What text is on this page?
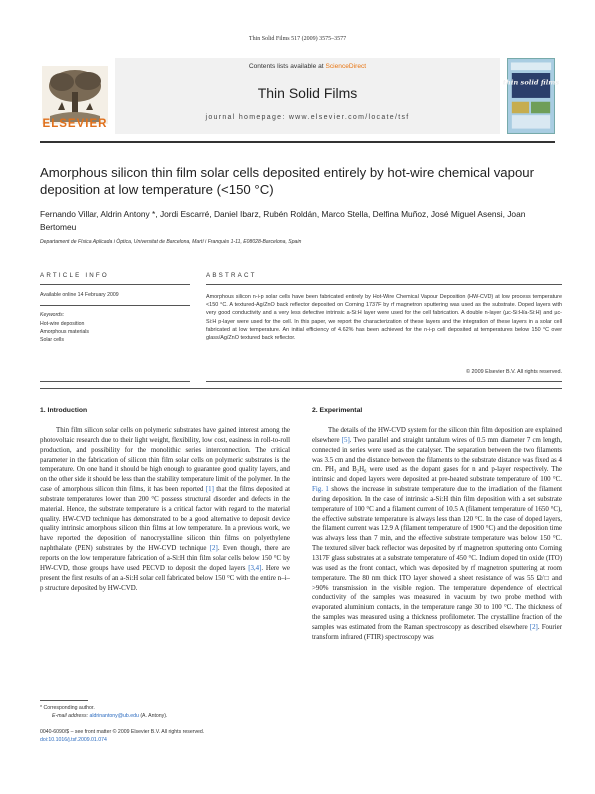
Thin Solid Films 517 (2009) 3575–3577
ELSEVIER
Contents lists available at ScienceDirect
Thin Solid Films
journal homepage: www.elsevier.com/locate/tsf
thin solid films
Amorphous silicon thin film solar cells deposited entirely by hot-wire chemical vapour deposition at low temperature (<150 °C)
Fernando Villar, Aldrin Antony *, Jordi Escarré, Daniel Ibarz, Rubén Roldán, Marco Stella, Delfina Muñoz, José Miguel Asensi, Joan Bertomeu
Departament de Física Aplicada i Òptica, Universitat de Barcelona, Martí i Franquès 1-11, E08028-Barcelona, Spain
ARTICLE INFO	ABSTRACT
Available online 14 February 2009
Keywords:
Hot-wire deposition
Amorphous materials
Solar cells
Amorphous silicon n-i-p solar cells have been fabricated entirely by Hot-Wire Chemical Vapour Deposition (HW-CVD) at low process temperature <150 °C. A textured-Ag/ZnO back reflector deposited on Corning 1737F by rf magnetron sputtering was used as the substrate. Doped layers with very good conductivity and a very less defective intrinsic a-Si:H layer were used for the cell fabrication. A double n-layer (µc-Si:H/a-Si:H) and µc-Si:H p-layer were used for the cell. In this paper, we report the characterization of these layers and the integration of these layers in a solar cell fabricated at low temperature. An initial efficiency of 4.62% has been achieved for the n-i-p cell deposited at temperatures below 150 °C over glass/Ag/ZnO textured back reflector.
© 2009 Elsevier B.V. All rights reserved.
1. Introduction
Thin film silicon solar cells on polymeric substrates have gained interest among the photovoltaic research due to their light weight, flexibility, low cost, easiness in roll-to-roll production, and possibility for the monolithic series interconnection. The critical parameter in the fabrication of silicon thin film solar cells on polymeric substrates is the temperature. On one hand it should be high enough to guarantee good quality layers, and on the other side it should be less than the stability temperature limit of the polymer. In the case of amorphous silicon thin films, it has been reported [1] that the films deposited at substrate temperatures lower than 200 °C possess structural disorder and defects in the material. Hence, the substrate temperature is a critical factor with regard to the material quality. HW-CVD technique has demonstrated to be a good alternative to deposit device quality intrinsic amorphous silicon thin films at low temperature. In a previous work, we have reported the deposition of nanocrystalline silicon thin films on polyethylene naphthalate (PEN) substrates by the HW-CVD technique [2]. Even though, there are reports on the low temperature fabrication of a-Si:H thin film solar cells below 150 °C by HW-CVD, those groups have used PECVD to deposit the doped layers [3,4]. Here we present the first results of an a-Si:H solar cell fabricated below 150 °C with the entire n–i–p structure deposited by HW-CVD.
2. Experimental
The details of the HW-CVD system for the silicon thin film deposition are explained elsewhere [5]. Two parallel and straight tantalum wires of 0.5 mm diameter 7 cm length, connected in series were used as the catalyser. The separation between the two filaments was 3.5 cm and the distance between the filaments to the substrate distance was fixed as 4 cm. PH₃ and B₂H₆ were used as the dopant gases for n and p-layer respectively. The intrinsic and doped layers were deposited at pre-heated substrate temperature of 100 °C. Fig. 1 shows the increase in substrate temperature due to the irradiation of the filament during deposition. In the case of intrinsic a-Si:H thin film deposition with a set substrate temperature of 100 °C and a filament current of 10.5 A (filament temperature of 1650 °C), the effective substrate temperature is always less than 120 °C. In the case of doped layers, the filament current was 12.9 A (filament temperature of 1900 °C) and the deposition time was always less than 7 min, and the effective substrate temperature was below 150 °C. The textured silver back reflector was deposited by rf magnetron sputtering onto Corning 1317F glass substrates at a substrate temperature of 450 °C. Indium doped tin oxide (ITO) was used as the front contact, which was deposited by rf magnetron sputtering at room temperature. The 80 nm thick ITO layer showed a sheet resistance of was 55 Ω/□ and >90% transmission in the visible region. The temperature dependence of electrical conductivity of the samples was measured in vacuum by two probe method with evaporated aluminium contacts, in the temperature range 30 to 100 °C. The thickness of the samples was measured using a thickness profilometer. The crystalline fraction of the samples was estimated from the Raman spectroscopy as described elsewhere [2]. Fourier transform infrared (FTIR) spectroscopy was
* Corresponding author.
E-mail address: aldrinantony@ub.edu (A. Antony).
0040-6090/$ – see front matter © 2009 Elsevier B.V. All rights reserved.
doi:10.1016/j.tsf.2009.01.074
